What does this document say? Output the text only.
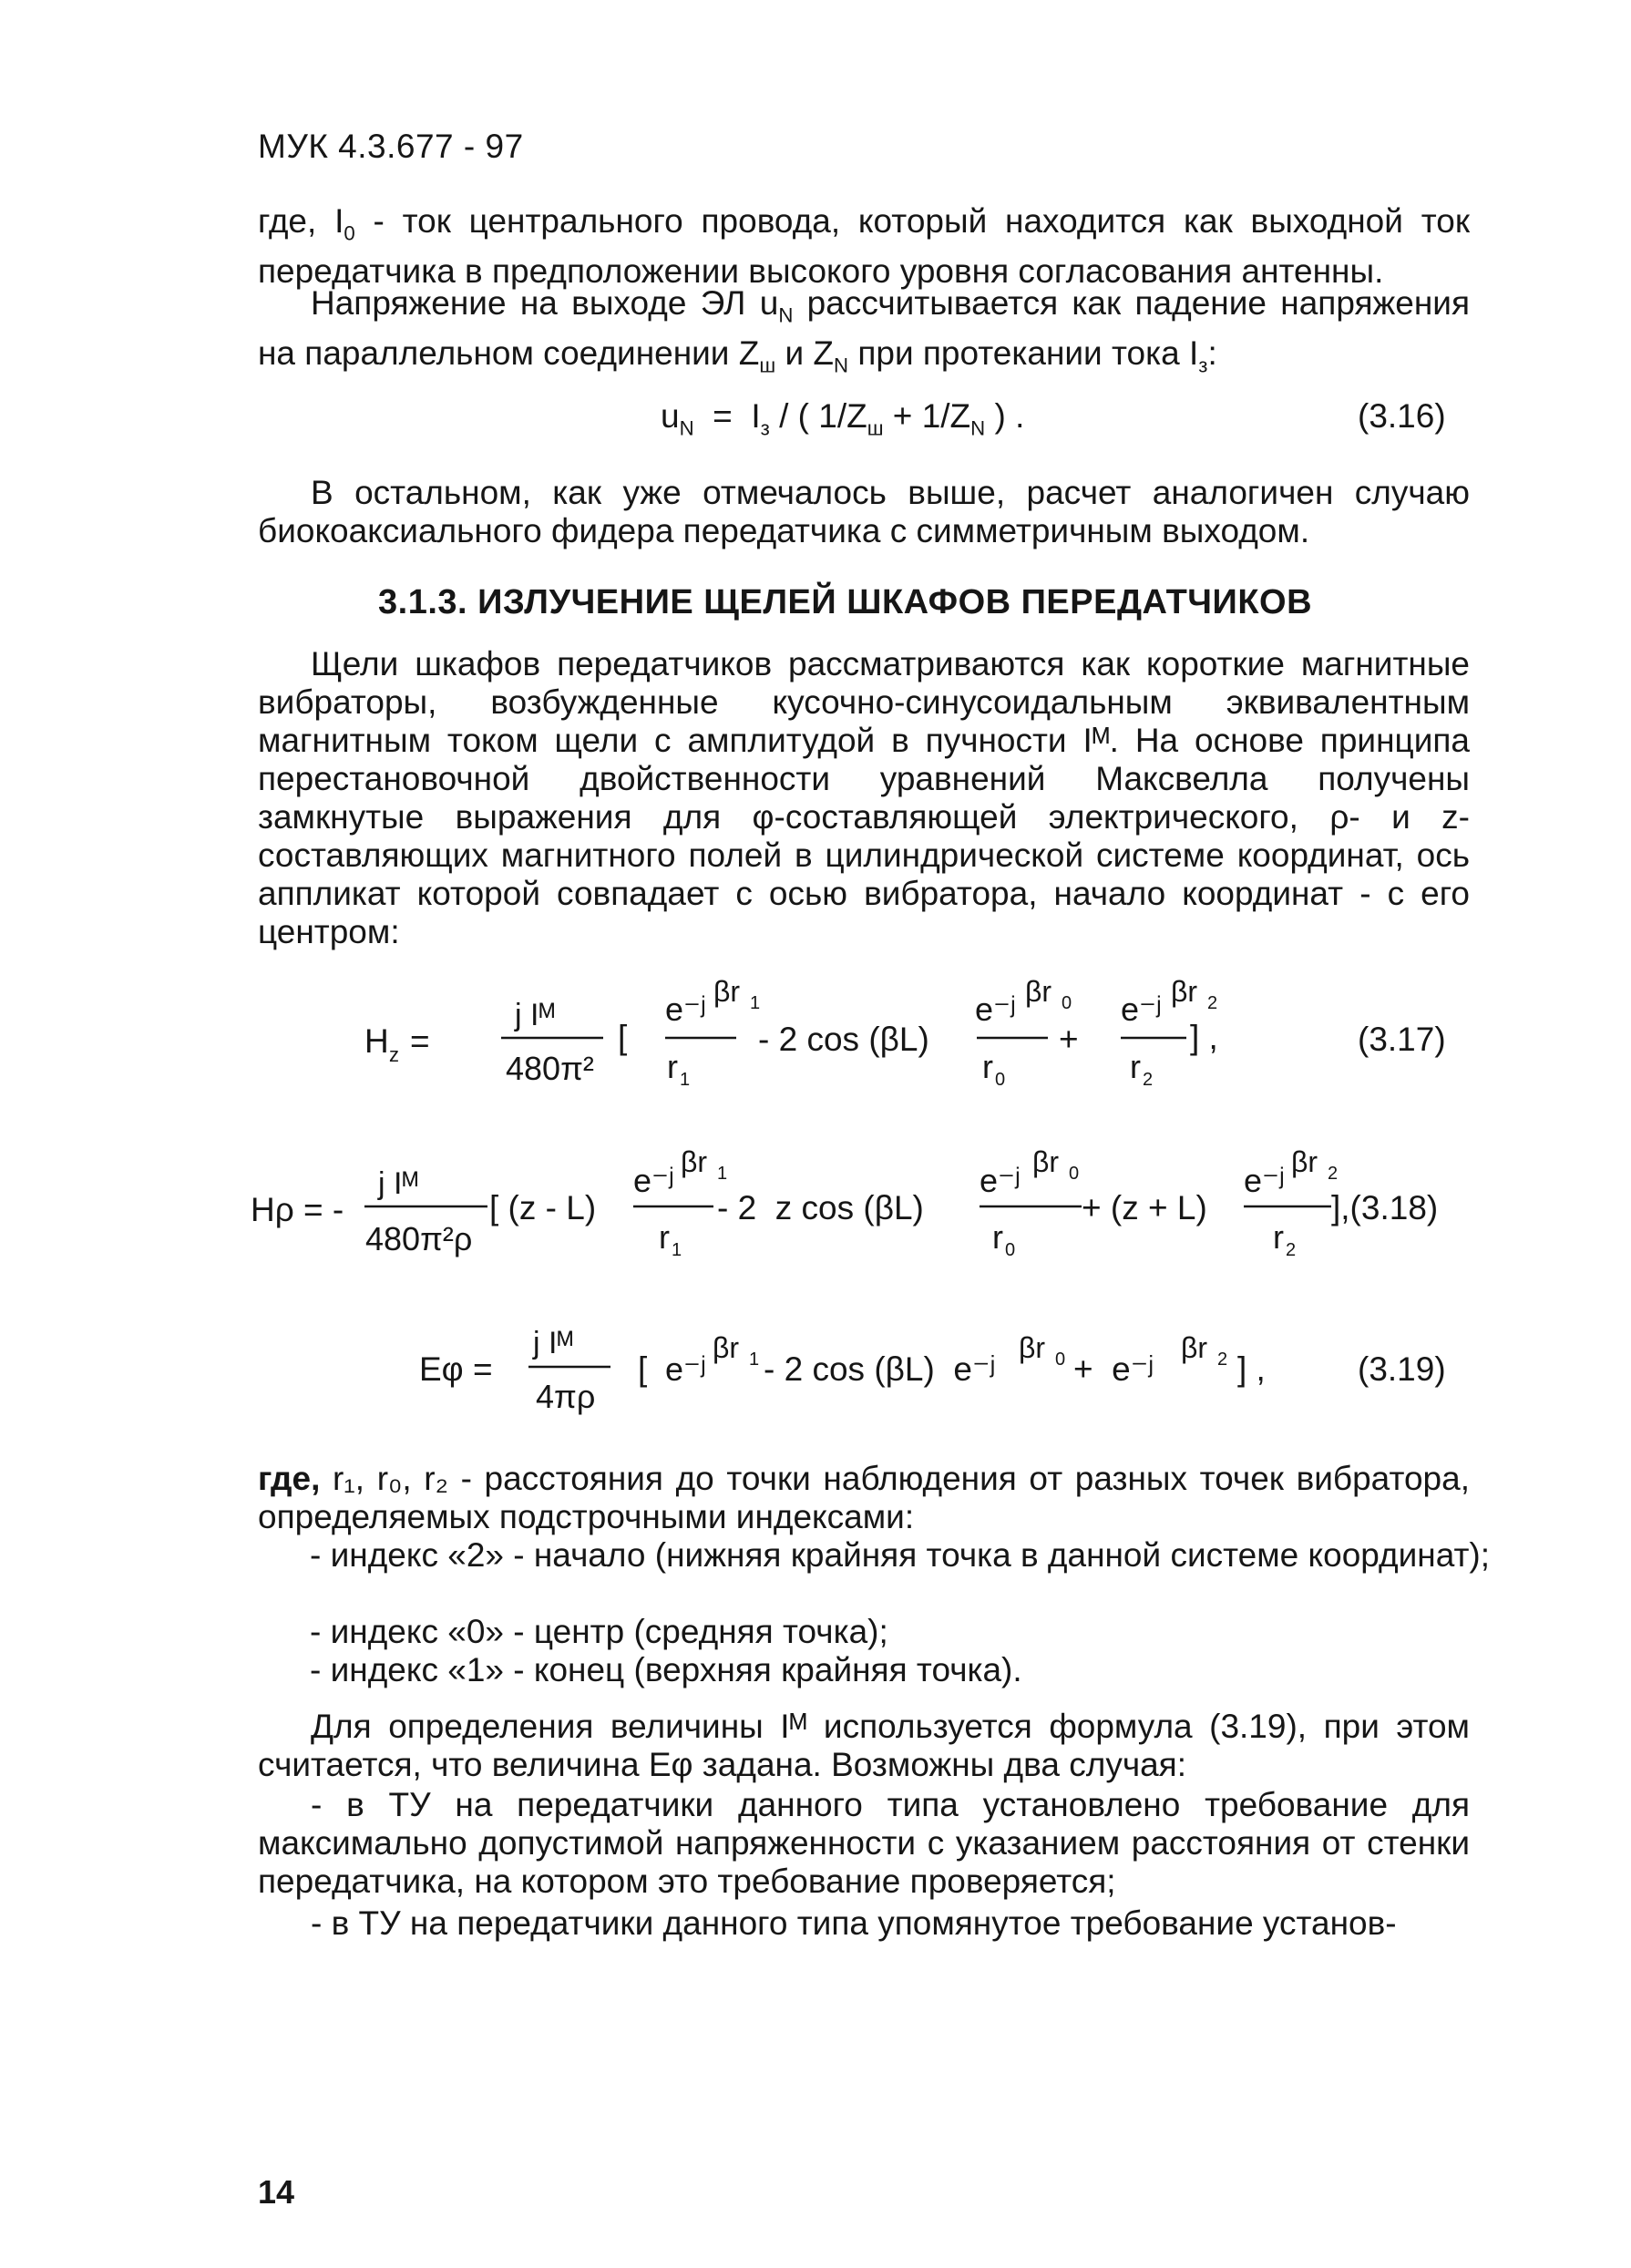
МУК 4.3.677 - 97

где, $I_0$ - ток центрального провода, который находится как выходной ток передатчика в предположении высокого уровня согласования антенны.

Напряжение на выходе ЭЛ $u_N$ рассчитывается как падение напряжения на параллельном соединении $Z_ш$ и $Z_N$ при протекании тока $I_з$:

$u_N = I_з$ / ( $1/Z_ш + 1/Z_N$ ) .	(3.16)

В остальном, как уже отмечалось выше, расчет аналогичен случаю биокоаксиального фидера передатчика с симметричным выходом.

3.1.3. ИЗЛУЧЕНИЕ ЩЕЛЕЙ ШКАФОВ ПЕРЕДАТЧИКОВ

Щели шкафов передатчиков рассматриваются как короткие магнитные вибраторы, возбужденные кусочно-синусоидальным эквивалентным магнитным током щели с амплитудой в пучности Iᴹ. На основе принципа перестановочной двойственности уравнений Максвелла получены замкнутые выражения для φ-составляющей электрического, ρ- и z-составляющих магнитного полей в цилиндрической системе координат, ось аппликат которой совпадает с осью вибратора, начало координат - с его центром:

H z =
j Iᴹ
480π²
[
e⁻ʲ βr 1
r 1
- 2 cos (βL)
e⁻ʲ βr 0
r 0
+
e⁻ʲ βr 2
r 2
] ,	(3.17)
Hρ = -
j Iᴹ
480π²ρ
[ (z - L)
e⁻ʲ βr 1
r 1
- 2  z cos (βL)
e⁻ʲ βr 0
r 0
+ (z + L)
e⁻ʲ βr 2
r 2
],(3.18)
Eφ =
j Iᴹ
4πρ
[ e⁻ʲ
βr 1 - 2 cos (βL)  e⁻ʲ
βr 0 +  e⁻ʲ
βr 2 ] ,	(3.19)

где, r₁, r₀, r₂ - расстояния до точки наблюдения от разных точек вибратора, определяемых подстрочными индексами:

- индекс «2» - начало (нижняя крайняя точка в данной системе координат);

- индекс «0» - центр (средняя точка);

- индекс «1» - конец (верхняя крайняя точка).

Для определения величины Iᴹ используется формула (3.19), при этом считается, что величина Eφ задана. Возможны два случая:

- в ТУ на передатчики данного типа установлено требование для максимально допустимой напряженности с указанием расстояния от стенки передатчика, на котором это требование проверяется;

- в ТУ на передатчики данного типа упомянутое требование установ-

14
